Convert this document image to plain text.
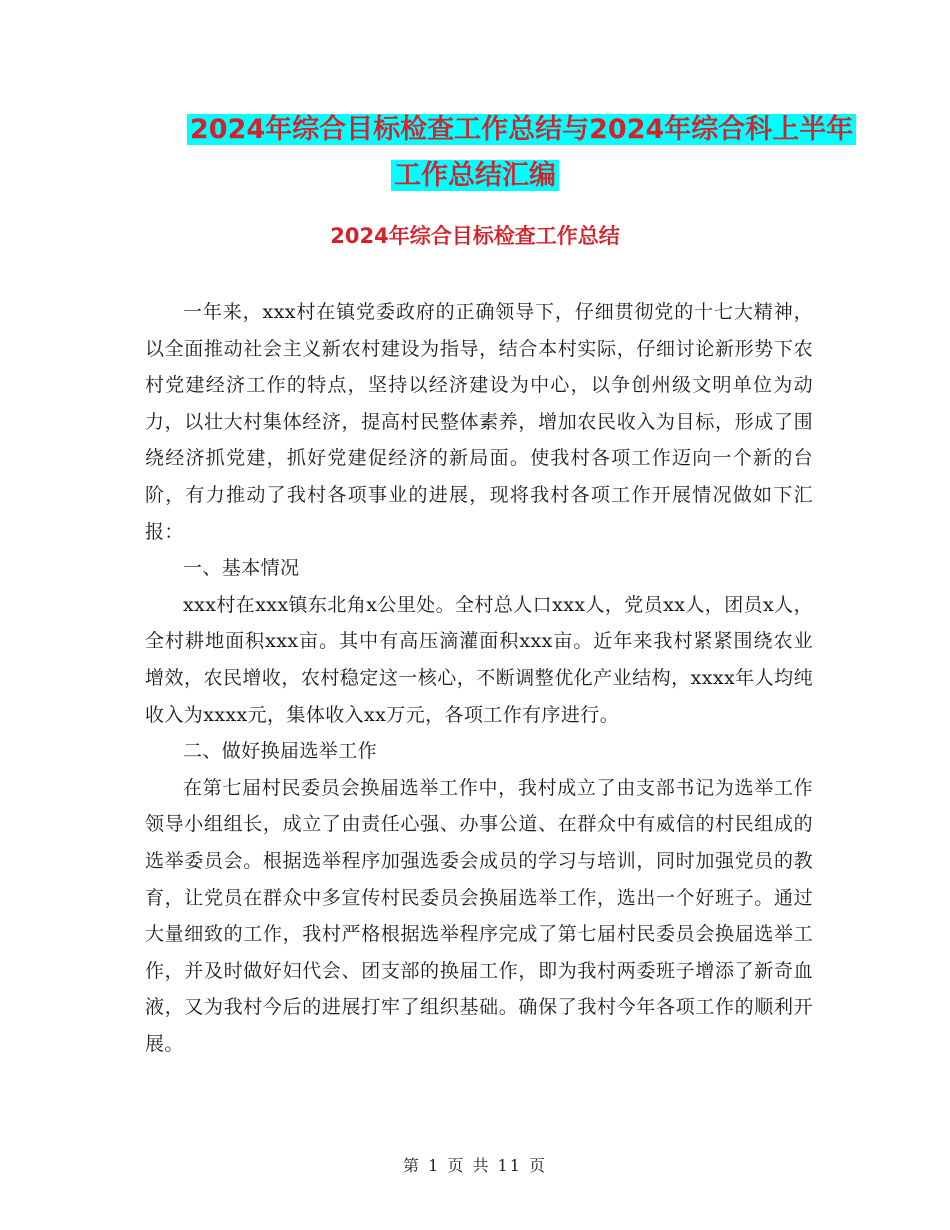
2024年综合目标检查工作总结与2024年综合科上半年
工作总结汇编
2024年综合目标检查工作总结

一年来，xxx村在镇党委政府的正确领导下，仔细贯彻党的十七大精神，以全面推动社会主义新农村建设为指导，结合本村实际，仔细讨论新形势下农村党建经济工作的特点，坚持以经济建设为中心，以争创州级文明单位为动力，以壮大村集体经济，提高村民整体素养，增加农民收入为目标，形成了围绕经济抓党建，抓好党建促经济的新局面。使我村各项工作迈向一个新的台阶，有力推动了我村各项事业的进展，现将我村各项工作开展情况做如下汇报：

一、基本情况

xxx村在xxx镇东北角x公里处。全村总人口xxx人，党员xx人，团员x人，全村耕地面积xxx亩。其中有高压滴灌面积xxx亩。近年来我村紧紧围绕农业增效，农民增收，农村稳定这一核心，不断调整优化产业结构，xxxx年人均纯收入为xxxx元，集体收入xx万元，各项工作有序进行。

二、做好换届选举工作

在第七届村民委员会换届选举工作中，我村成立了由支部书记为选举工作领导小组组长，成立了由责任心强、办事公道、在群众中有威信的村民组成的选举委员会。根据选举程序加强选委会成员的学习与培训，同时加强党员的教育，让党员在群众中多宣传村民委员会换届选举工作，选出一个好班子。通过大量细致的工作，我村严格根据选举程序完成了第七届村民委员会换届选举工作，并及时做好妇代会、团支部的换届工作，即为我村两委班子增添了新奇血液，又为我村今后的进展打牢了组织基础。确保了我村今年各项工作的顺利开展。

第 1 页 共 11 页
